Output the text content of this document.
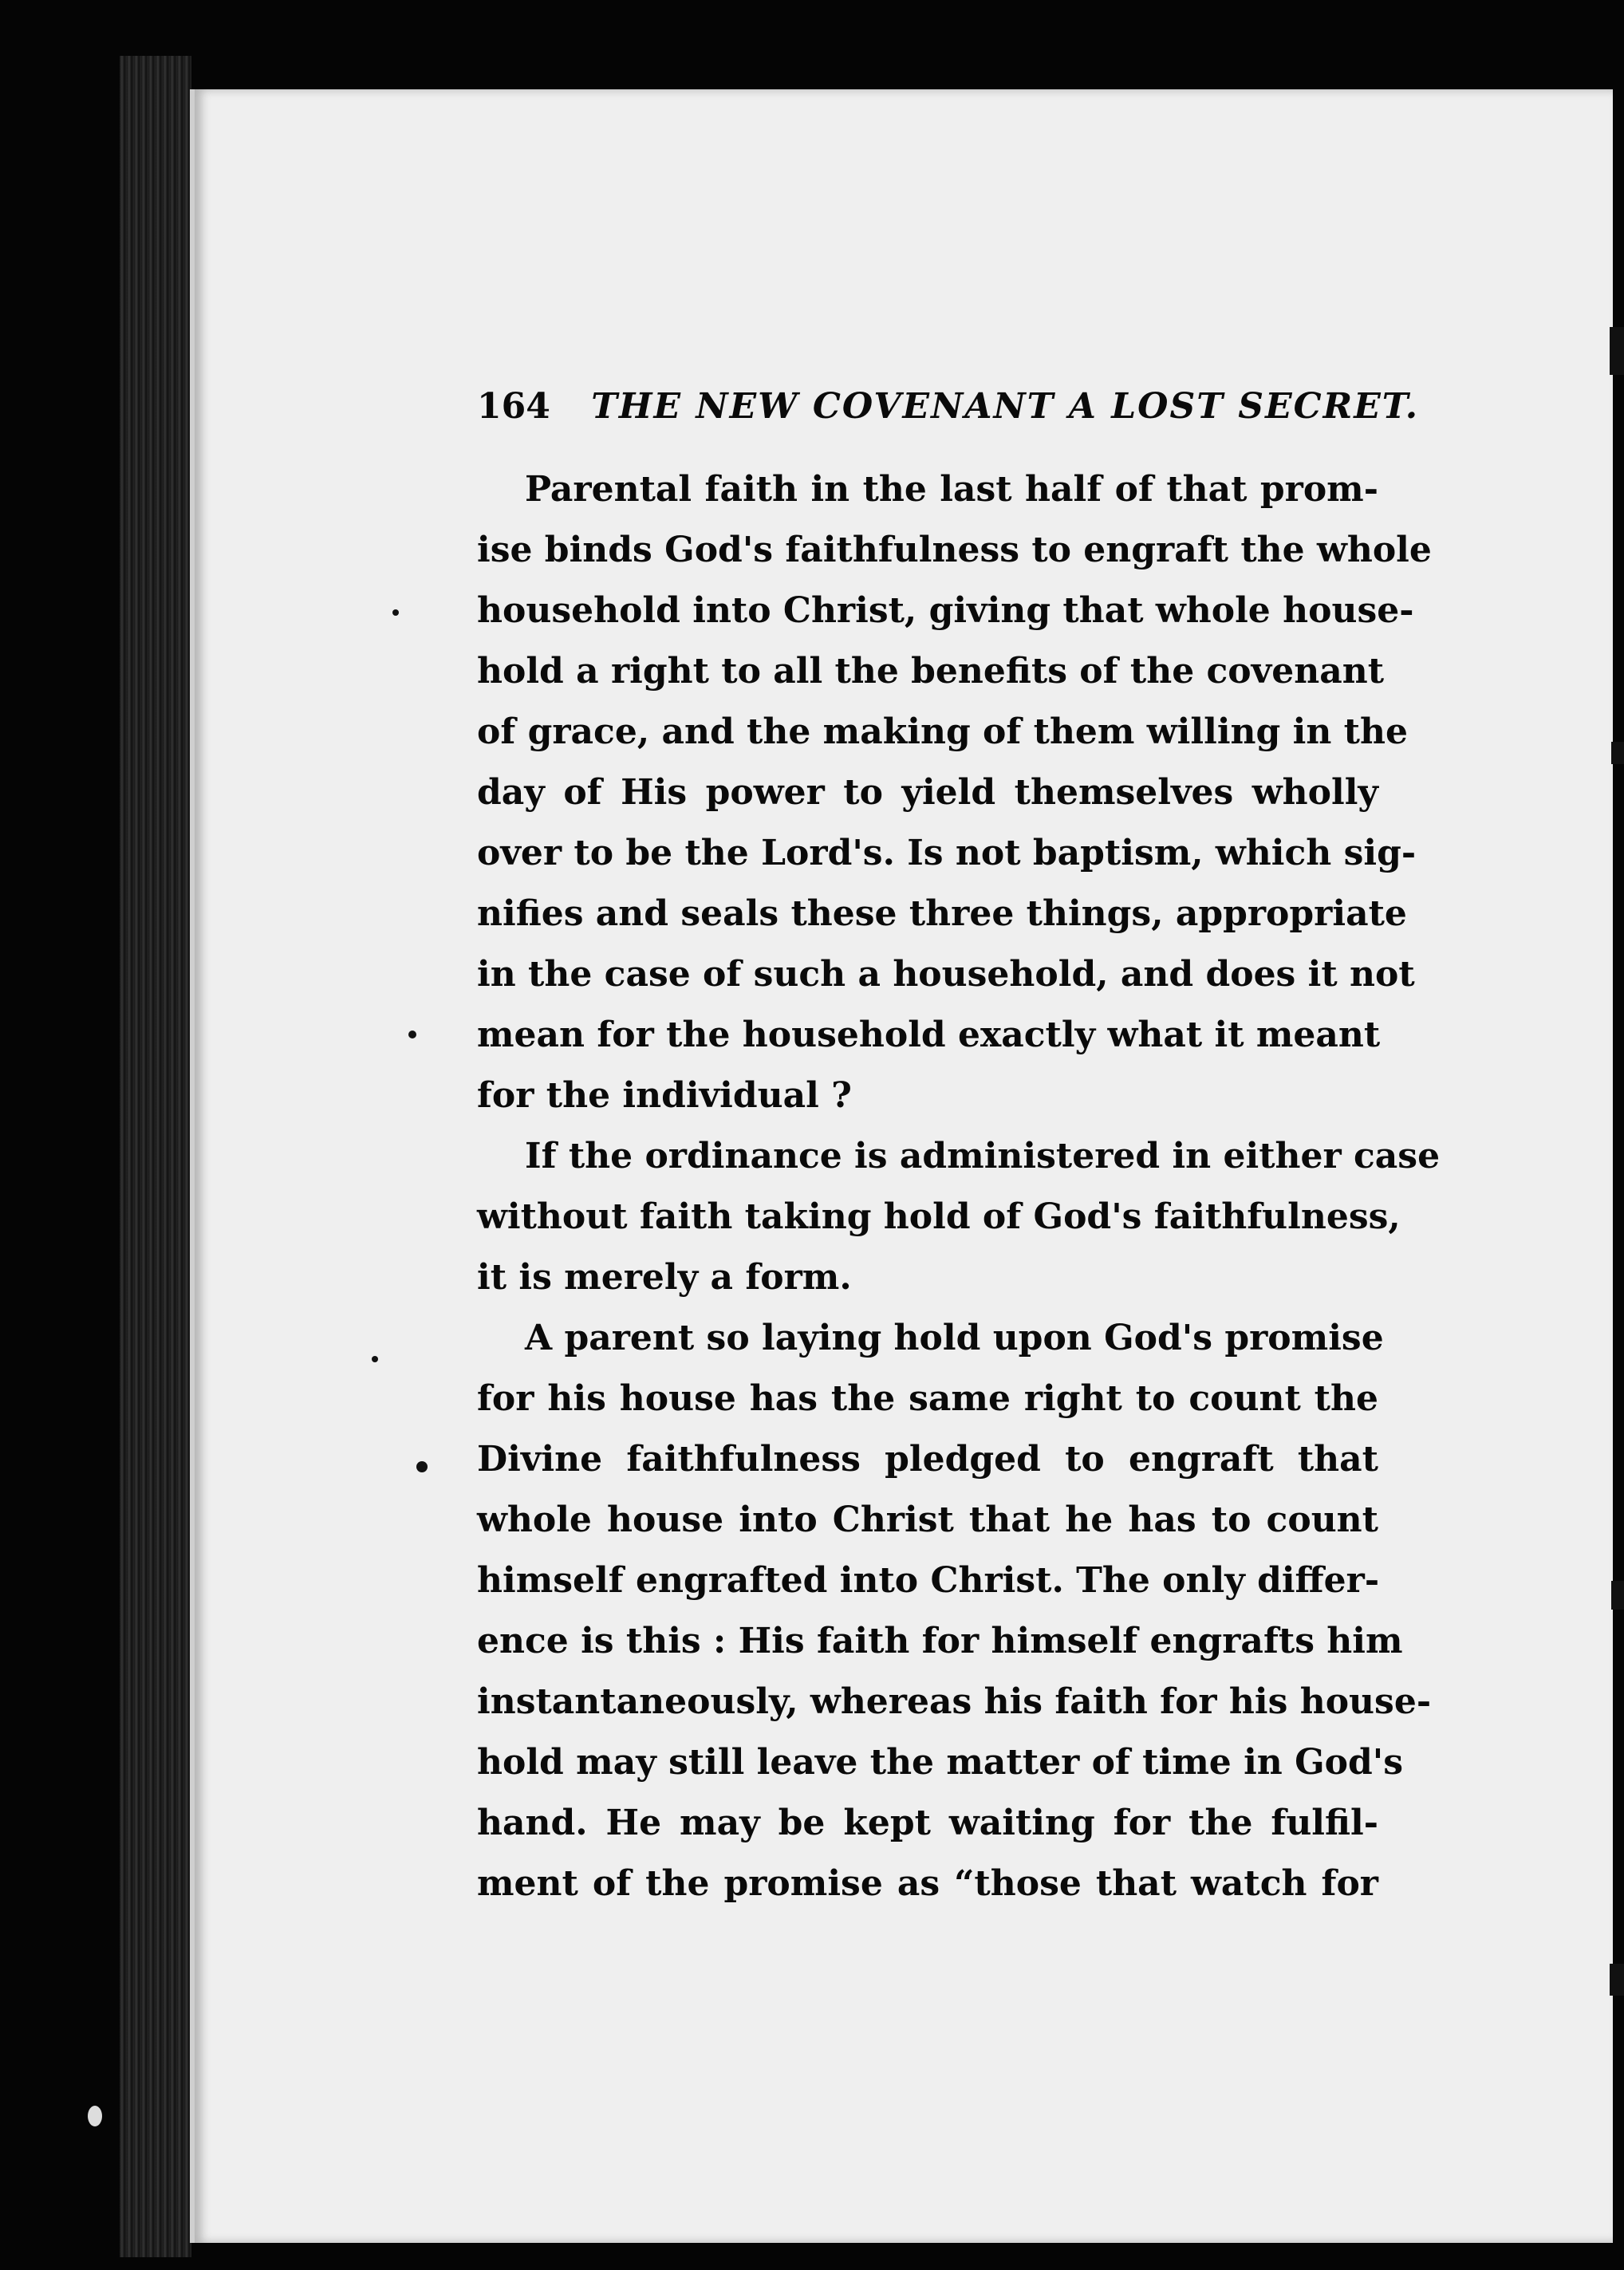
164 THE NEW COVENANT A LOST SECRET.
Parental faith in the last half of that prom-
ise binds God's faithfulness to engraft the whole
household into Christ, giving that whole house-
hold a right to all the benefits of the covenant
of grace, and the making of them willing in the
day of His power to yield themselves wholly
over to be the Lord's. Is not baptism, which sig-
nifies and seals these three things, appropriate
in the case of such a household, and does it not
mean for the household exactly what it meant
for the individual ?
If the ordinance is administered in either case
without faith taking hold of God's faithfulness,
it is merely a form.
A parent so laying hold upon God's promise
for his house has the same right to count the
Divine faithfulness pledged to engraft that
whole house into Christ that he has to count
himself engrafted into Christ. The only differ-
ence is this : His faith for himself engrafts him
instantaneously, whereas his faith for his house-
hold may still leave the matter of time in God's
hand. He may be kept waiting for the fulfil-
ment of the promise as “those that watch for
